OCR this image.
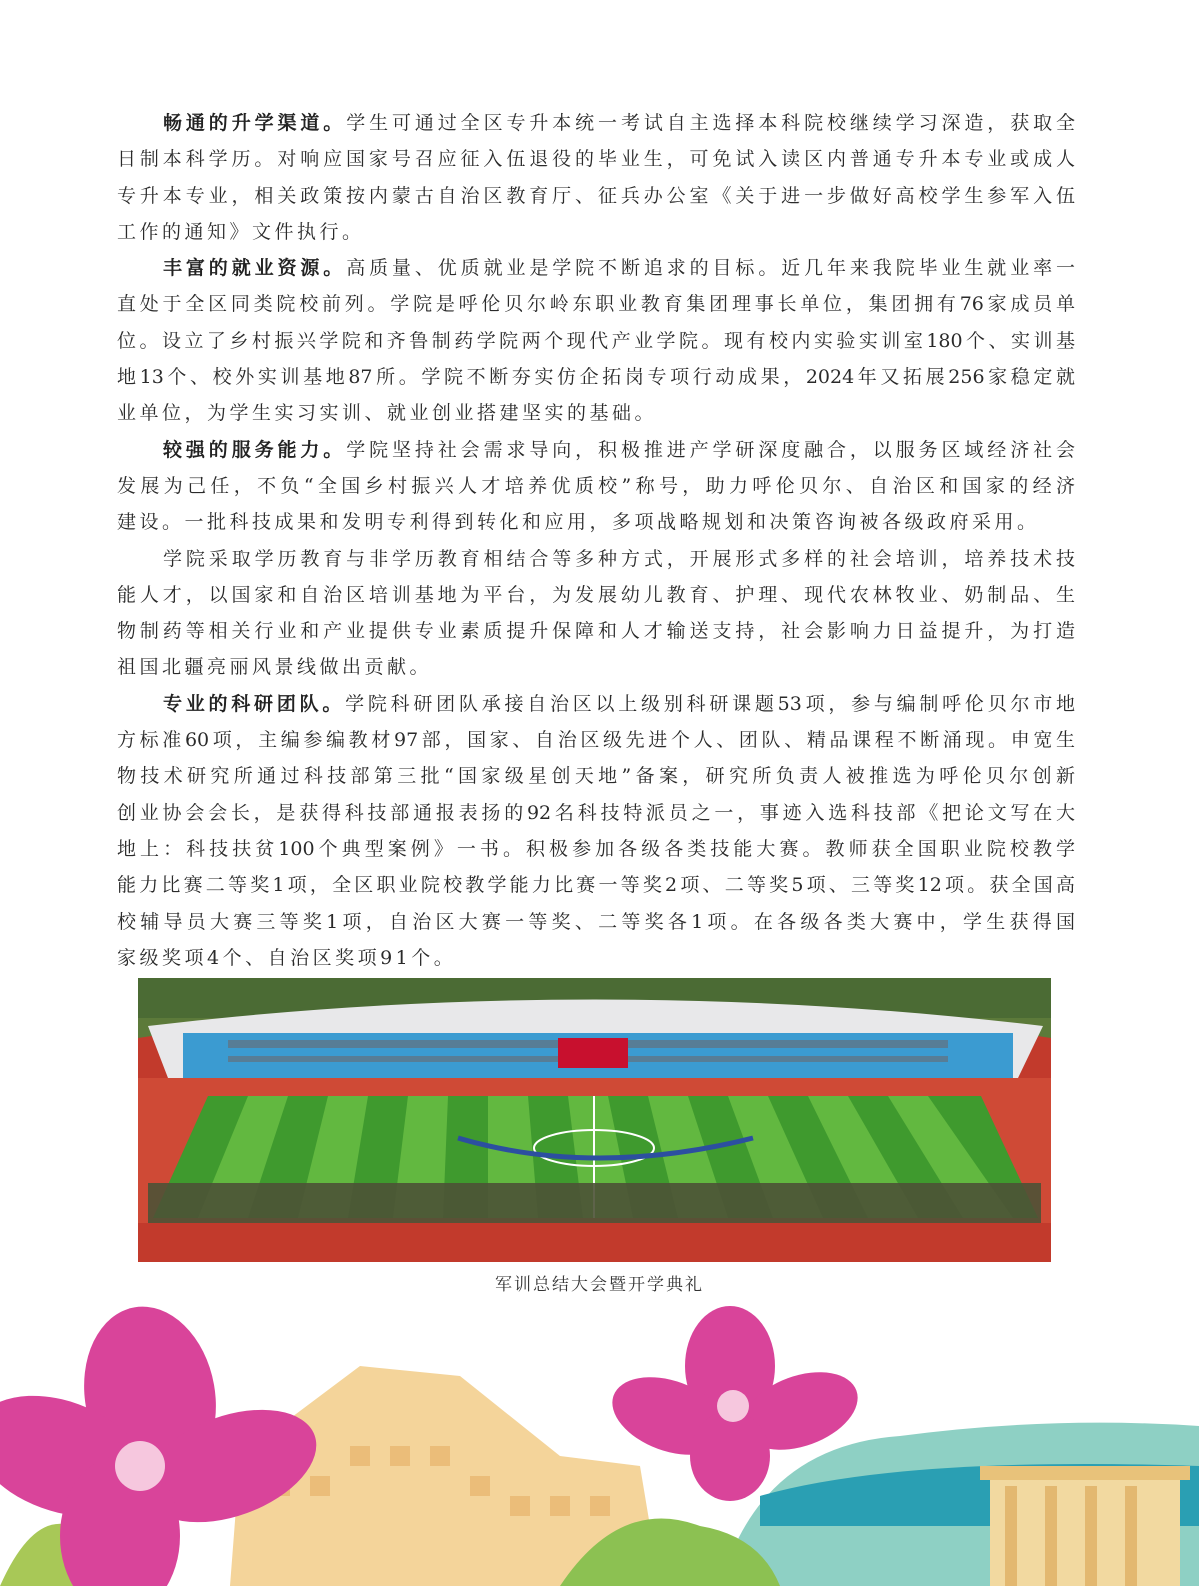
畅通的升学渠道。学生可通过全区专升本统一考试自主选择本科院校继续学习深造，获取全
日制本科学历。对响应国家号召应征入伍退役的毕业生，可免试入读区内普通专升本专业或成人
专升本专业，相关政策按内蒙古自治区教育厅、征兵办公室《关于进一步做好高校学生参军入伍
工作的通知》文件执行。
丰富的就业资源。高质量、优质就业是学院不断追求的目标。近几年来我院毕业生就业率一
直处于全区同类院校前列。学院是呼伦贝尔岭东职业教育集团理事长单位，集团拥有76家成员单
位。设立了乡村振兴学院和齐鲁制药学院两个现代产业学院。现有校内实验实训室180个、实训基
地13个、校外实训基地87所。学院不断夯实仿企拓岗专项行动成果，2024年又拓展256家稳定就
业单位，为学生实习实训、就业创业搭建坚实的基础。
较强的服务能力。学院坚持社会需求导向，积极推进产学研深度融合，以服务区域经济社会
发展为己任，不负“全国乡村振兴人才培养优质校”称号，助力呼伦贝尔、自治区和国家的经济
建设。一批科技成果和发明专利得到转化和应用，多项战略规划和决策咨询被各级政府采用。
学院采取学历教育与非学历教育相结合等多种方式，开展形式多样的社会培训，培养技术技
能人才，以国家和自治区培训基地为平台，为发展幼儿教育、护理、现代农林牧业、奶制品、生
物制药等相关行业和产业提供专业素质提升保障和人才输送支持，社会影响力日益提升，为打造
祖国北疆亮丽风景线做出贡献。
专业的科研团队。学院科研团队承接自治区以上级别科研课题53项，参与编制呼伦贝尔市地
方标准60项，主编参编教材97部，国家、自治区级先进个人、团队、精品课程不断涌现。申宽生
物技术研究所通过科技部第三批“国家级星创天地”备案，研究所负责人被推选为呼伦贝尔创新
创业协会会长，是获得科技部通报表扬的92名科技特派员之一，事迹入选科技部《把论文写在大
地上：科技扶贫100个典型案例》一书。积极参加各级各类技能大赛。教师获全国职业院校教学
能力比赛二等奖1项，全区职业院校教学能力比赛一等奖2项、二等奖5项、三等奖12项。获全国高
校辅导员大赛三等奖1项，自治区大赛一等奖、二等奖各1项。在各级各类大赛中，学生获得国
家级奖项4个、自治区奖项91个。
军训总结大会暨开学典礼
